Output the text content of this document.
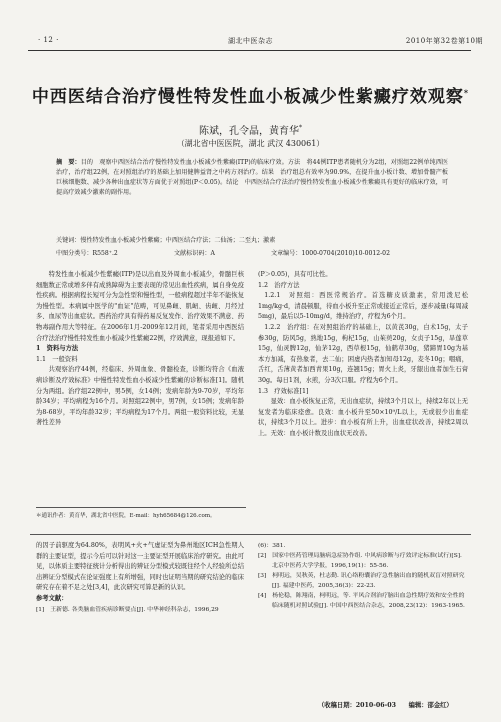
· 12 ·	湖北中医杂志	2010年第32卷第10期
中西医结合治疗慢性特发性血小板减少性紫癜疗效观察*
陈斌，孔令晶，黄育华*
（湖北省中医医院，湖北 武汉 430061）
摘　要：目的　观察中西医结合治疗慢性特发性血小板减少性紫癜(ITP)的临床疗效。方法　将44例ITP患者随机分为2组，对照组22例单纯西医治疗，治疗组22例，在对照组治疗的基础上加用健脾益肾之中药方剂治疗。结果　治疗组总有效率为90.9%，在提升血小板计数、增加骨髓产板巨核细胞数、减少各种出血症状等方面优于对照组(P＜0.05)。结论　中西医结合疗法治疗慢性特发性血小板减少性紫癜具有更好的临床疗效，可提高疗效减少激素的副作用。
关键词：慢性特发性血小板减少性紫癜；中西医结合疗法；二仙汤；二至丸；激素
中图分类号：R558⁺.2	文献标识码：A	文章编号：1000-0704(2010)10-0012-02

特发性血小板减少性紫癜(ITP)是以出血及外周血小板减少，骨髓巨核细胞数正常或增多伴有成熟障碍为主要表现的常见出血性疾病，属自身免疫性疾病。根据病程长短可分为急性型和慢性型，一般病程超过半年不能恢复为慢性型。本病属中医学的"血证"范畴，可见鼻衄、肌衄、齿衄、月经过多、血尿等出血症状。西药治疗具有得药易反复发作、治疗效果不满意、药物毒副作用大等特征。在2006年1月-2009年12月间，笔者采用中西医结合疗法治疗慢性特发性血小板减少性紫癜22例，疗效满意，现报道如下。

1　资料与方法

1.1　一般资料

共观察治疗44例，经临床、外周血象、骨髓检查，诊断均符合《血液病诊断及疗效标准》中慢性特发性血小板减少性紫癜的诊断标准[1]。随机分为两组。治疗组22例中，男5例，女14例；发病年龄为9-70岁，平均年龄34岁；平均病程为16个月。对照组22例中，男7例，女15例；发病年龄为8-68岁，平均年龄32岁；平均病程为17个月。两组一般资料比较，无显著性差异

(P＞0.05)，具有可比性。

1.2　治疗方法

1.2.1　对照组：西医常规治疗。首选糖皮质激素，常用泼尼松1mg/kg·d，清晨顿服，待血小板升至正常或接近正常后，逐步减量(每周减5mg)，最后以5-10mg/d，维持治疗，疗程为6个月。

1.2.2　治疗组：在对照组治疗的基础上，以黄芪30g，白术15g，太子参30g，防风5g，熟地15g，枸杞15g，山茱萸20g，女贞子15g，旱莲草15g，仙灵脾12g，仙茅12g，西草根15g，仙鹤草30g，猪蹄胃10g为基本方加减，有热象者，去二仙；困虚内热者加知母12g，麦冬10g；咽痛，舌红，舌薄黄者加西青果10g，连翘15g；胃火上炎，牙龈出血者加生石膏30g。每日1剂，水煎，分3次口服。疗程为6个月。

1.3　疗效标准[1]

显效：血小板恢复正常，无出血症状，持续3个月以上，持续2年以上无复发者为临床痊愈。良效：血小板升至50×10⁹/L以上，无或很少出血症状，持续3个月以上。进步：血小板有所上升，出血症状改善，持续2周以上。无效：血小板计数及出血状无改善。

＊通讯作者：黄育华，湖北省中医院，E-mail：hyh65684@126.com。

的因子前驱度为64.80%，表明风+火+气虚证型为鼻州地区ICH急性期人群的主要证型，提示今后可以针对这一主要证型开展临床治疗研究。由此可见，以体质主要特征统计分析得出的辨证分型模式较既往经个人经验所总结出辨证分型模式在论证强度上有所增强，同时也证明当期的研究结论的临床研究存在着不足之处[3,4]，此次研究可算是新的认识。

参考文献：

[1]　王新德. 各类脑血管疾病诊断要点[J]. 中华神经科杂志，1996,29

(6)：381.

[2]　国家中医药管理局脑病急症协作组. 中风病诊断与疗效评定标准(试行)[S]. 北京中医药大学学报，1996,19(1)：55-56.

[3]　柯明远，吴秋英，杜志勤. 讯心络粉囊治疗急性脑出血的随机双盲对照研究[J]. 福建中医药，2005,36(3)：22-23.

[4]　杨伦稳，陈翔南，柯明远，等. 平风合剂治疗脑出血急性期疗效和安全性的临床随机对照试验[J]. 中国中西医结合杂志，2008,23(12)：1963-1965.

（收稿日期：2010-06-03　　编辑：邵金红）
